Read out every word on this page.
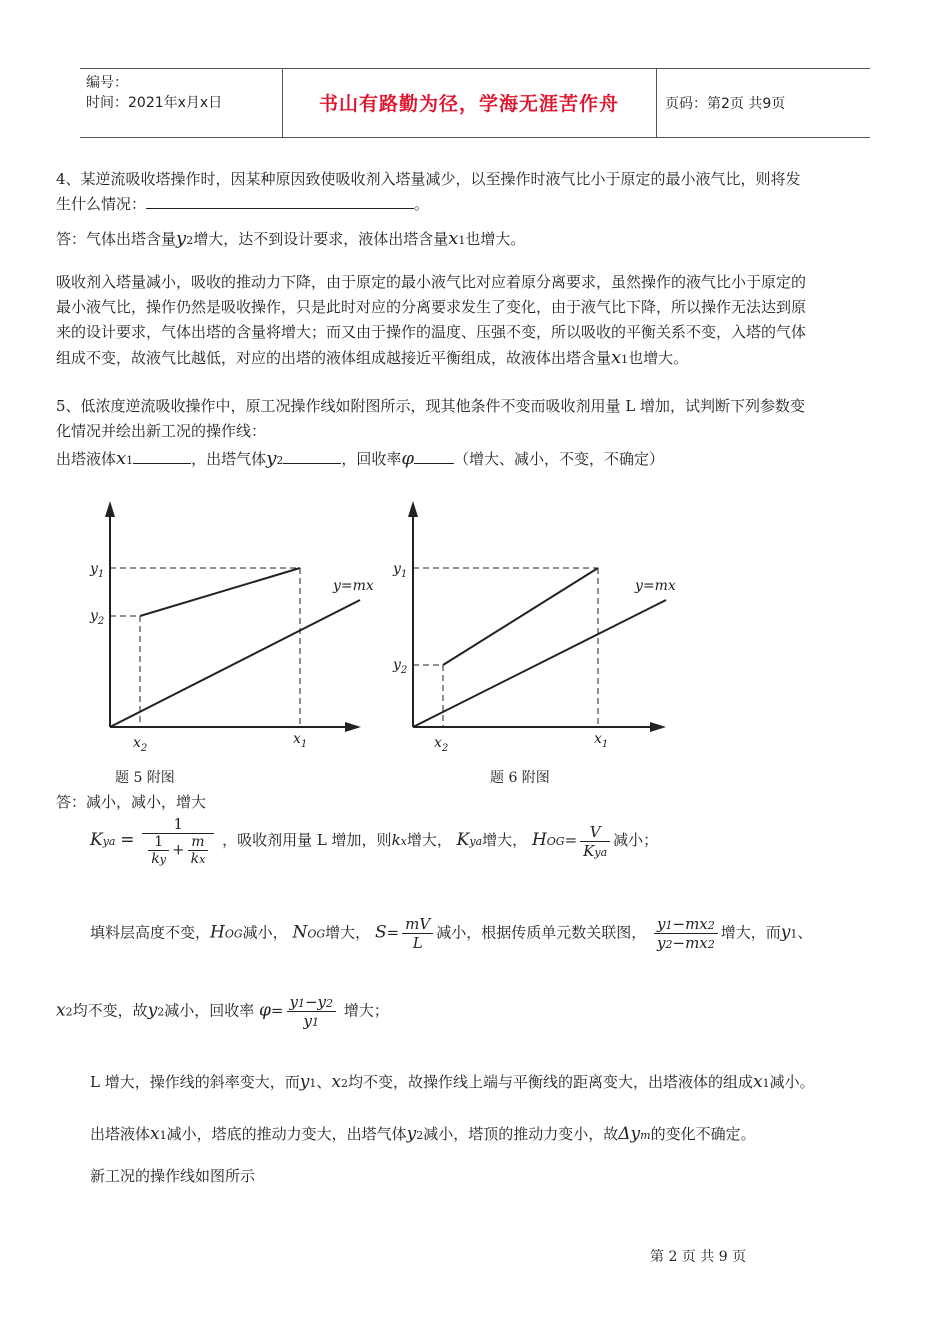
编号：
时间：2021年x月x日	书山有路勤为径，学海无涯苦作舟	页码：第2页 共9页
4、某逆流吸收塔操作时，因某种原因致使吸收剂入塔量减少，以至操作时液气比小于原定的最小液气比，则将发
生什么情况：	。
答：气体出塔含量y2增大，达不到设计要求，液体出塔含量x1也增大。
吸收剂入塔量减小，吸收的推动力下降，由于原定的最小液气比对应着原分离要求，虽然操作的液气比小于原定的
最小液气比，操作仍然是吸收操作，只是此时对应的分离要求发生了变化，由于液气比下降，所以操作无法达到原
来的设计要求，气体出塔的含量将增大；而又由于操作的温度、压强不变，所以吸收的平衡关系不变，入塔的气体
组成不变，故液气比越低，对应的出塔的液体组成越接近平衡组成，故液体出塔含量x1也增大。
5、低浓度逆流吸收操作中，原工况操作线如附图所示，现其他条件不变而吸收剂用量 L 增加，试判断下列参数变
化情况并绘出新工况的操作线：
出塔液体x1	，出塔气体y2	，回收率φ	（增大、减小，不变，不确定）
$y_1$
$y_2$
$x_2$
$x_1$
y=mx
题 5 附图
$y_1$
$y_2$
$x_2$
$x_1$
y=mx
题 6 附图
答：减小，减小，增大
Kya = $\frac{1}{\frac{1}{ky} + \frac{m}{kx}}$ ，吸收剂用量 L 增加，则kx增大， Kya增大， $HOG= \frac{V}{\text{Kya}}$ 减小；
填料层高度不变，HOG减小， NOG增大， $S= \frac{mV}{L}$ 减小，根据传质单元数关联图， $\frac{y1-mx2}{y2-mx2}$ 增大，而y1、
x2均不变，故y2减小，回收率 $\varphi= \frac{y1-y2}{y1}$ 增大；
L 增大，操作线的斜率变大，而y1、x2均不变，故操作线上端与平衡线的距离变大，出塔液体的组成x1减小。
出塔液体x1减小，塔底的推动力变大，出塔气体y2减小，塔顶的推动力变小，故Δym的变化不确定。
新工况的操作线如图所示
第 2 页 共 9 页
